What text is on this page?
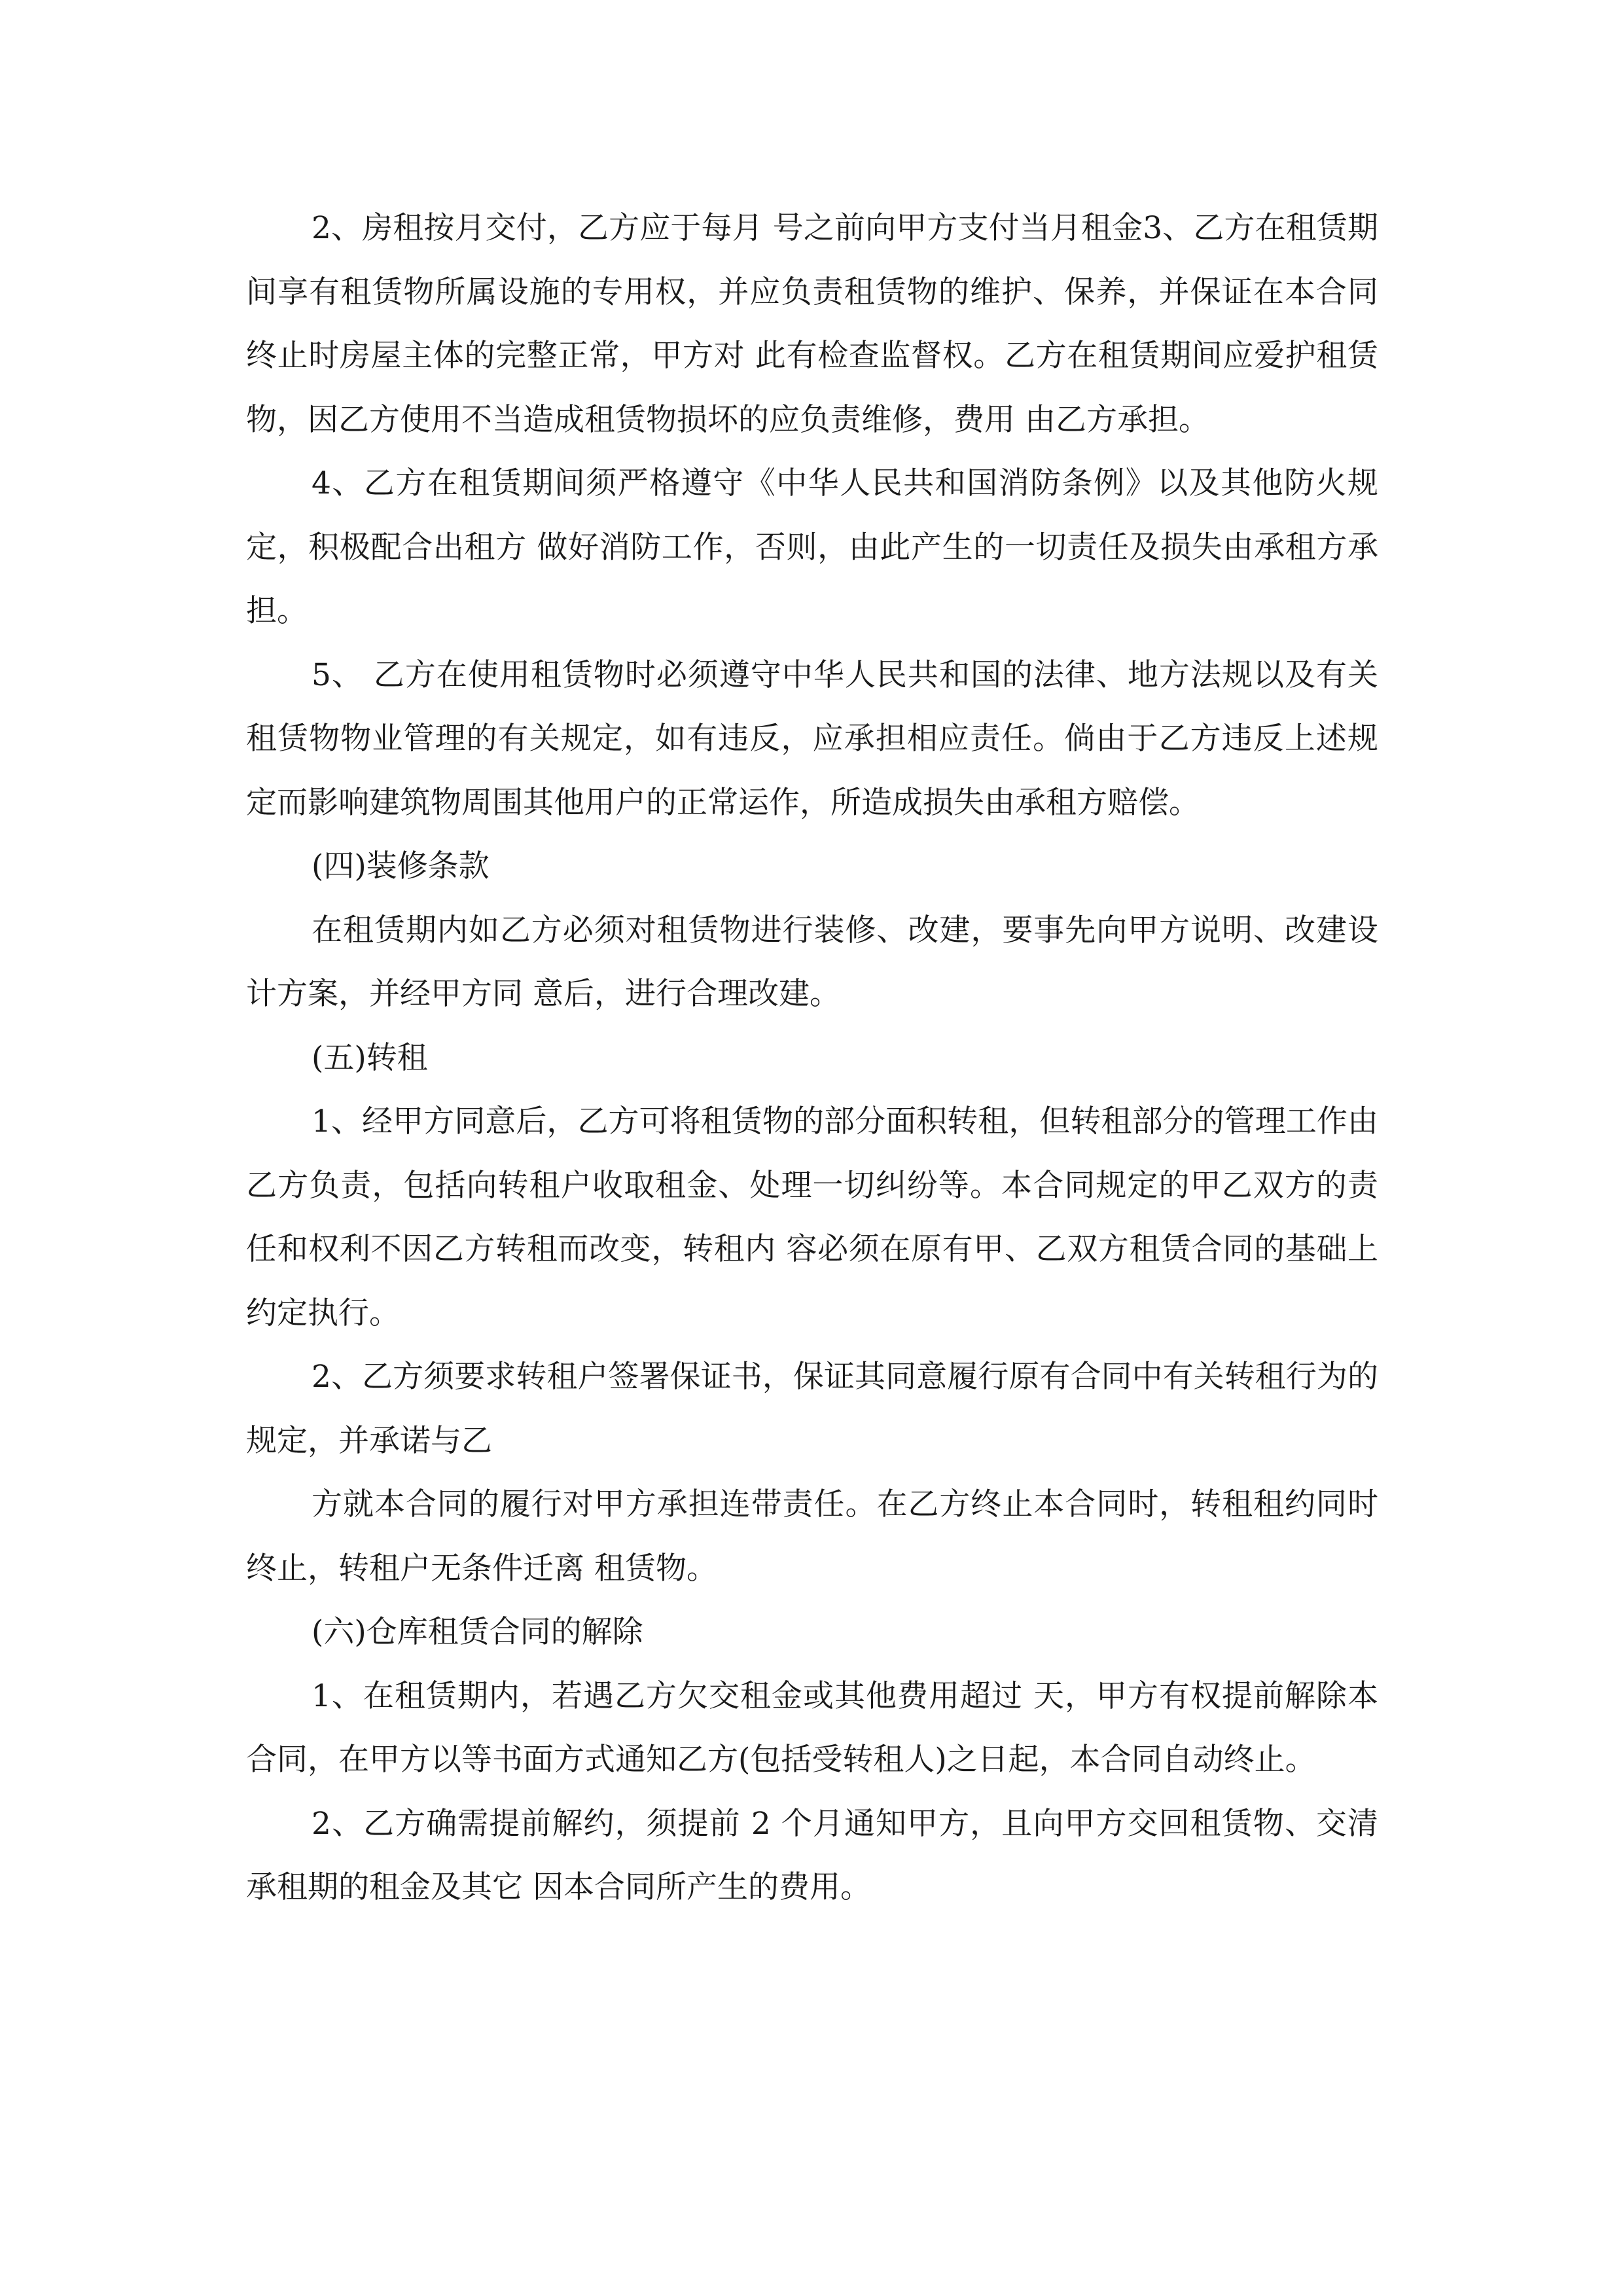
2、房租按月交付，乙方应于每月 号之前向甲方支付当月租金3、乙方在租赁期间享有租赁物所属设施的专用权，并应负责租赁物的维护、保养，并保证在本合同终止时房屋主体的完整正常，甲方对 此有检查监督权。乙方在租赁期间应爱护租赁物，因乙方使用不当造成租赁物损坏的应负责维修，费用 由乙方承担。

4、乙方在租赁期间须严格遵守《中华人民共和国消防条例》以及其他防火规定，积极配合出租方 做好消防工作，否则，由此产生的一切责任及损失由承租方承担。

5、 乙方在使用租赁物时必须遵守中华人民共和国的法律、地方法规以及有关租赁物物业管理的有关规定，如有违反，应承担相应责任。倘由于乙方违反上述规定而影响建筑物周围其他用户的正常运作，所造成损失由承租方赔偿。

(四)装修条款

在租赁期内如乙方必须对租赁物进行装修、改建，要事先向甲方说明、改建设计方案，并经甲方同 意后，进行合理改建。

(五)转租

1、经甲方同意后，乙方可将租赁物的部分面积转租，但转租部分的管理工作由乙方负责，包括向转租户收取租金、处理一切纠纷等。本合同规定的甲乙双方的责任和权利不因乙方转租而改变，转租内 容必须在原有甲、乙双方租赁合同的基础上约定执行。

2、乙方须要求转租户签署保证书，保证其同意履行原有合同中有关转租行为的规定，并承诺与乙

方就本合同的履行对甲方承担连带责任。在乙方终止本合同时，转租租约同时终止，转租户无条件迁离 租赁物。

(六)仓库租赁合同的解除

1、在租赁期内，若遇乙方欠交租金或其他费用超过 天，甲方有权提前解除本合同，在甲方以等书面方式通知乙方(包括受转租人)之日起，本合同自动终止。

2、乙方确需提前解约，须提前 2 个月通知甲方，且向甲方交回租赁物、交清承租期的租金及其它 因本合同所产生的费用。
